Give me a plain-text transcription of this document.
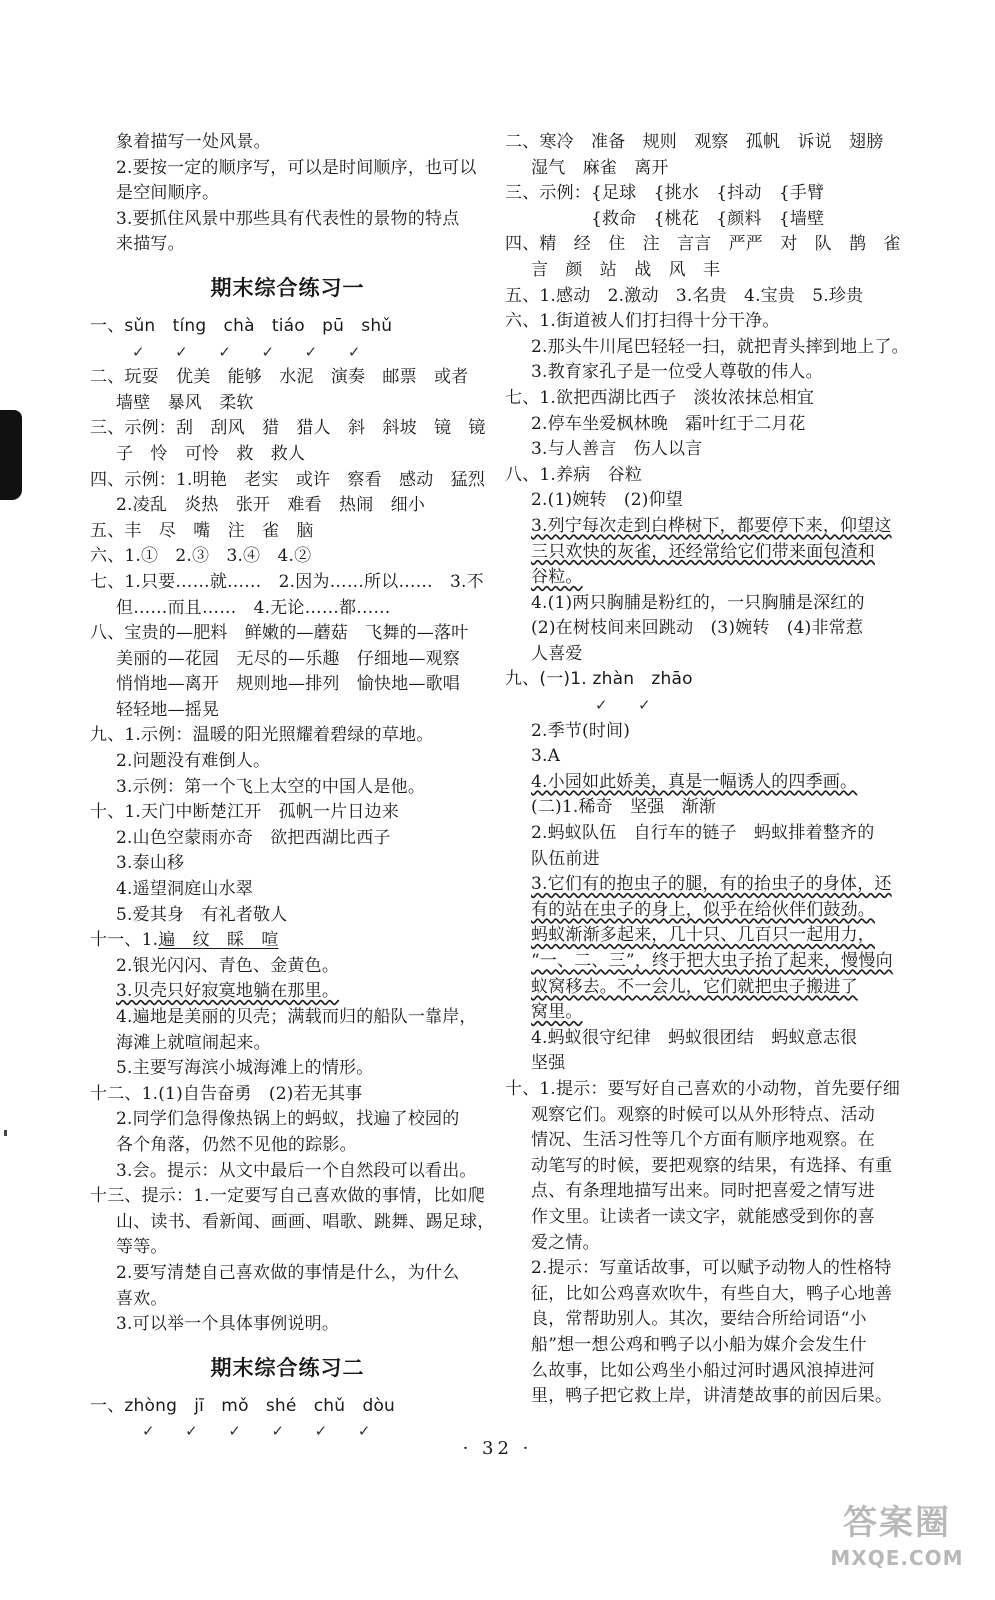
象着描写一处风景。
2.要按一定的顺序写，可以是时间顺序，也可以
是空间顺序。
3.要抓住风景中那些具有代表性的景物的特点
来描写。
期末综合练习一
一、sǔn　tíng　chà　tiáo　pū　shǔ
✓　　✓　　✓　　✓　　✓　　✓
二、玩耍　优美　能够　水泥　演奏　邮票　或者
墙壁　暴风　柔软
三、示例：刮　刮风　猎　猎人　斜　斜坡　镜　镜
子　怜　可怜　救　救人
四、示例：1.明艳　老实　或许　察看　感动　猛烈
2.凌乱　炎热　张开　难看　热闹　细小
五、丰　尽　嘴　注　雀　脑
六、1.①　2.③　3.④　4.②
七、1.只要……就……　2.因为……所以……　3.不
但……而且……　4.无论……都……
八、宝贵的—肥料　鲜嫩的—蘑菇　飞舞的—落叶
美丽的—花园　无尽的—乐趣　仔细地—观察
悄悄地—离开　规则地—排列　愉快地—歌唱
轻轻地—摇晃
九、1.示例：温暖的阳光照耀着碧绿的草地。
2.问题没有难倒人。
3.示例：第一个飞上太空的中国人是他。
十、1.天门中断楚江开　孤帆一片日边来
2.山色空蒙雨亦奇　欲把西湖比西子
3.泰山移
4.遥望洞庭山水翠
5.爱其身　有礼者敬人
十一、1.遍　纹　睬　喧
2.银光闪闪、青色、金黄色。
3.贝壳只好寂寞地躺在那里。
4.遍地是美丽的贝壳；满载而归的船队一靠岸，
海滩上就喧闹起来。
5.主要写海滨小城海滩上的情形。
十二、1.(1)自告奋勇　(2)若无其事
2.同学们急得像热锅上的蚂蚁，找遍了校园的
各个角落，仍然不见他的踪影。
3.会。提示：从文中最后一个自然段可以看出。
十三、提示：1.一定要写自己喜欢做的事情，比如爬
山、读书、看新闻、画画、唱歌、跳舞、踢足球，
等等。
2.要写清楚自己喜欢做的事情是什么，为什么
喜欢。
3.可以举一个具体事例说明。
期末综合练习二
一、zhòng　jī　mǒ　shé　chǔ　dòu
✓　　✓　　✓　　✓　　✓　　✓
二、寒冷　准备　规则　观察　孤帆　诉说　翅膀
湿气　麻雀　离开
三、示例：{足球　{挑水　{抖动　{手臂
　　　　　{救命　{桃花　{颜料　{墙壁
四、精　经　住　注　言言　严严　对　队　鹊　雀
言　颜　站　战　风　丰
五、1.感动　2.激动　3.名贵　4.宝贵　5.珍贵
六、1.街道被人们打扫得十分干净。
2.那头牛川尾巴轻轻一扫，就把青头摔到地上了。
3.教育家孔子是一位受人尊敬的伟人。
七、1.欲把西湖比西子　淡妆浓抹总相宜
2.停车坐爱枫林晚　霜叶红于二月花
3.与人善言　伤人以言
八、1.养病　谷粒
2.(1)婉转　(2)仰望
3.列宁每次走到白桦树下，都要停下来，仰望这
三只欢快的灰雀，还经常给它们带来面包渣和
谷粒。
4.(1)两只胸脯是粉红的，一只胸脯是深红的
(2)在树枝间来回跳动　(3)婉转　(4)非常惹
人喜爱
九、(一)1. zhàn　zhāo
✓　　✓
2.季节(时间)
3.A
4.小园如此娇美，真是一幅诱人的四季画。
(二)1.稀奇　坚强　渐渐
2.蚂蚁队伍　自行车的链子　蚂蚁排着整齐的
队伍前进
3.它们有的抱虫子的腿，有的抬虫子的身体，还
有的站在虫子的身上，似乎在给伙伴们鼓劲。
蚂蚁渐渐多起来，几十只、几百只一起用力，
“一、二、三”，终于把大虫子抬了起来，慢慢向
蚁窝移去。不一会儿，它们就把虫子搬进了
窝里。
4.蚂蚁很守纪律　蚂蚁很团结　蚂蚁意志很
坚强
十、1.提示：要写好自己喜欢的小动物，首先要仔细
观察它们。观察的时候可以从外形特点、活动
情况、生活习性等几个方面有顺序地观察。在
动笔写的时候，要把观察的结果，有选择、有重
点、有条理地描写出来。同时把喜爱之情写进
作文里。让读者一读文字，就能感受到你的喜
爱之情。
2.提示：写童话故事，可以赋予动物人的性格特
征，比如公鸡喜欢吹牛，有些自大，鸭子心地善
良，常帮助别人。其次，要结合所给词语“小
船”想一想公鸡和鸭子以小船为媒介会发生什
么故事，比如公鸡坐小船过河时遇风浪掉进河
里，鸭子把它救上岸，讲清楚故事的前因后果。
· 32 ·
答案圈
MXQE.COM
